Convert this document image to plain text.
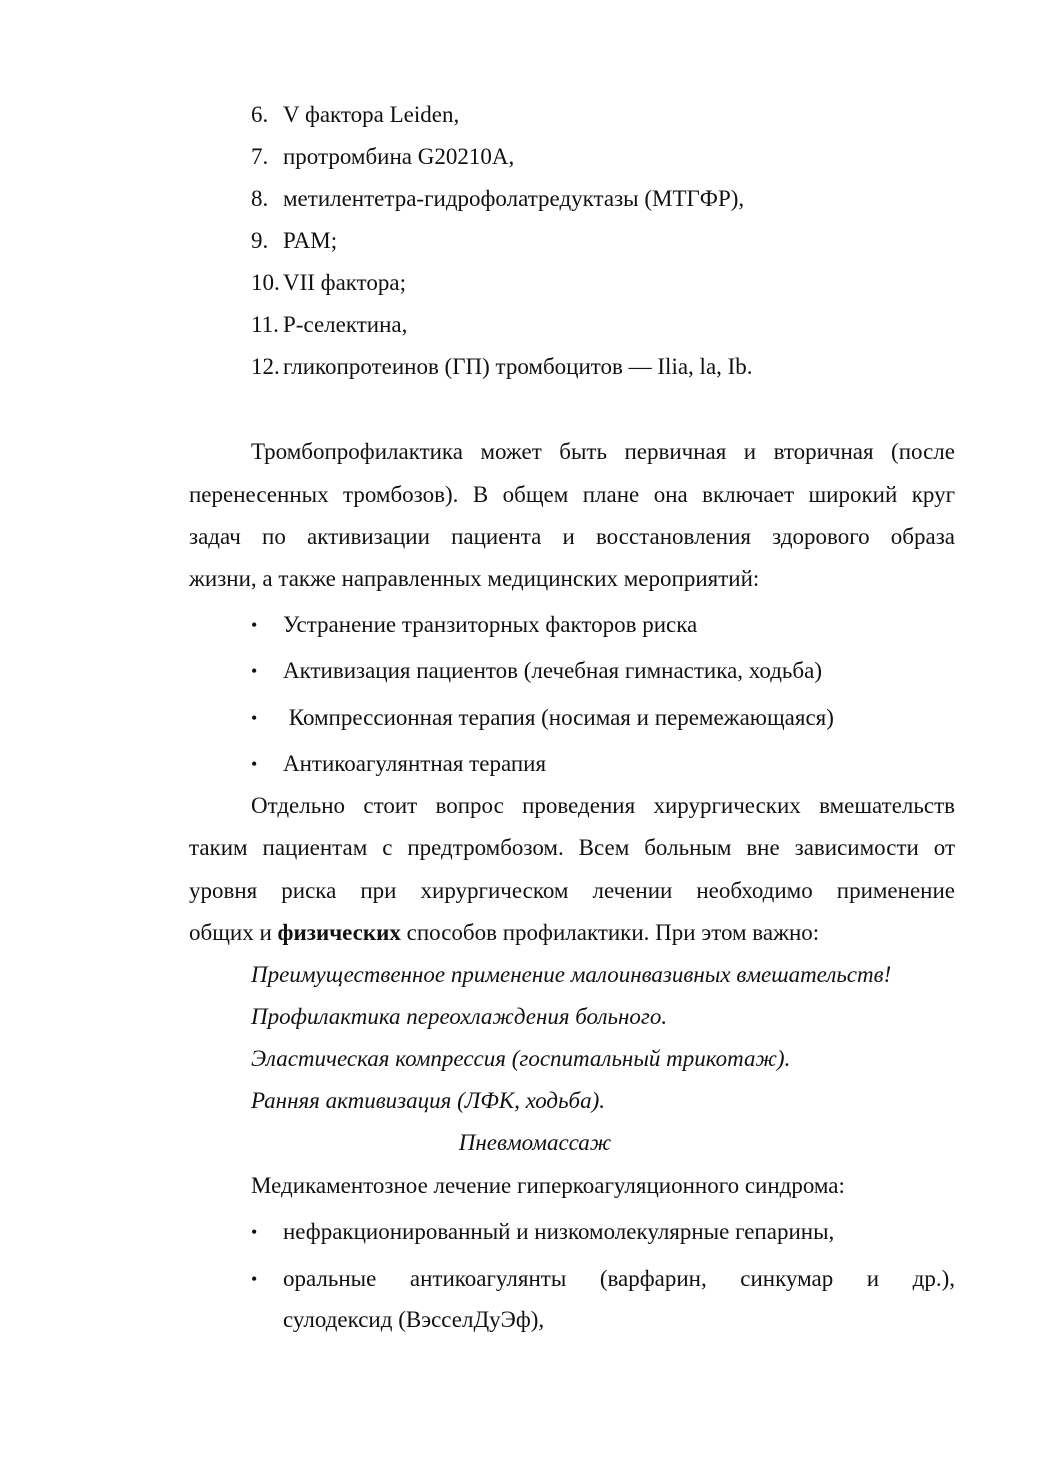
6. V фактора Leiden,
7. протромбина G20210A,
8. метилентетра-гидрофолатредуктазы (МТГФР),
9. PAM;
10. VII фактора;
11. Р-селектина,
12. гликопротеинов (ГП) тромбоцитов — Ilia, la, Ib.
Тромбопрофилактика может быть первичная и вторичная (после
перенесенных тромбозов). В общем плане она включает широкий круг
задач по активизации пациента и восстановления здорового образа
жизни, а также направленных медицинских мероприятий:
• Устранение транзиторных факторов риска
• Активизация пациентов (лечебная гимнастика, ходьба)
• Компрессионная терапия (носимая и перемежающаяся)
• Антикоагулянтная терапия
Отдельно стоит вопрос проведения хирургических вмешательств
таким пациентам с предтромбозом. Всем больным вне зависимости от
уровня риска при хирургическом лечении необходимо применение
общих и физических способов профилактики. При этом важно:
Преимущественное применение малоинвазивных вмешательств!
Профилактика переохлаждения больного.
Эластическая компрессия (госпитальный трикотаж).
Ранняя активизация (ЛФК, ходьба).
Пневмомассаж
Медикаментозное лечение гиперкоагуляционного синдрома:
• нефракционированный и низкомолекулярные гепарины,
• оральные антикоагулянты (варфарин, синкумар и др.),
сулодексид (ВэсселДуЭф),
